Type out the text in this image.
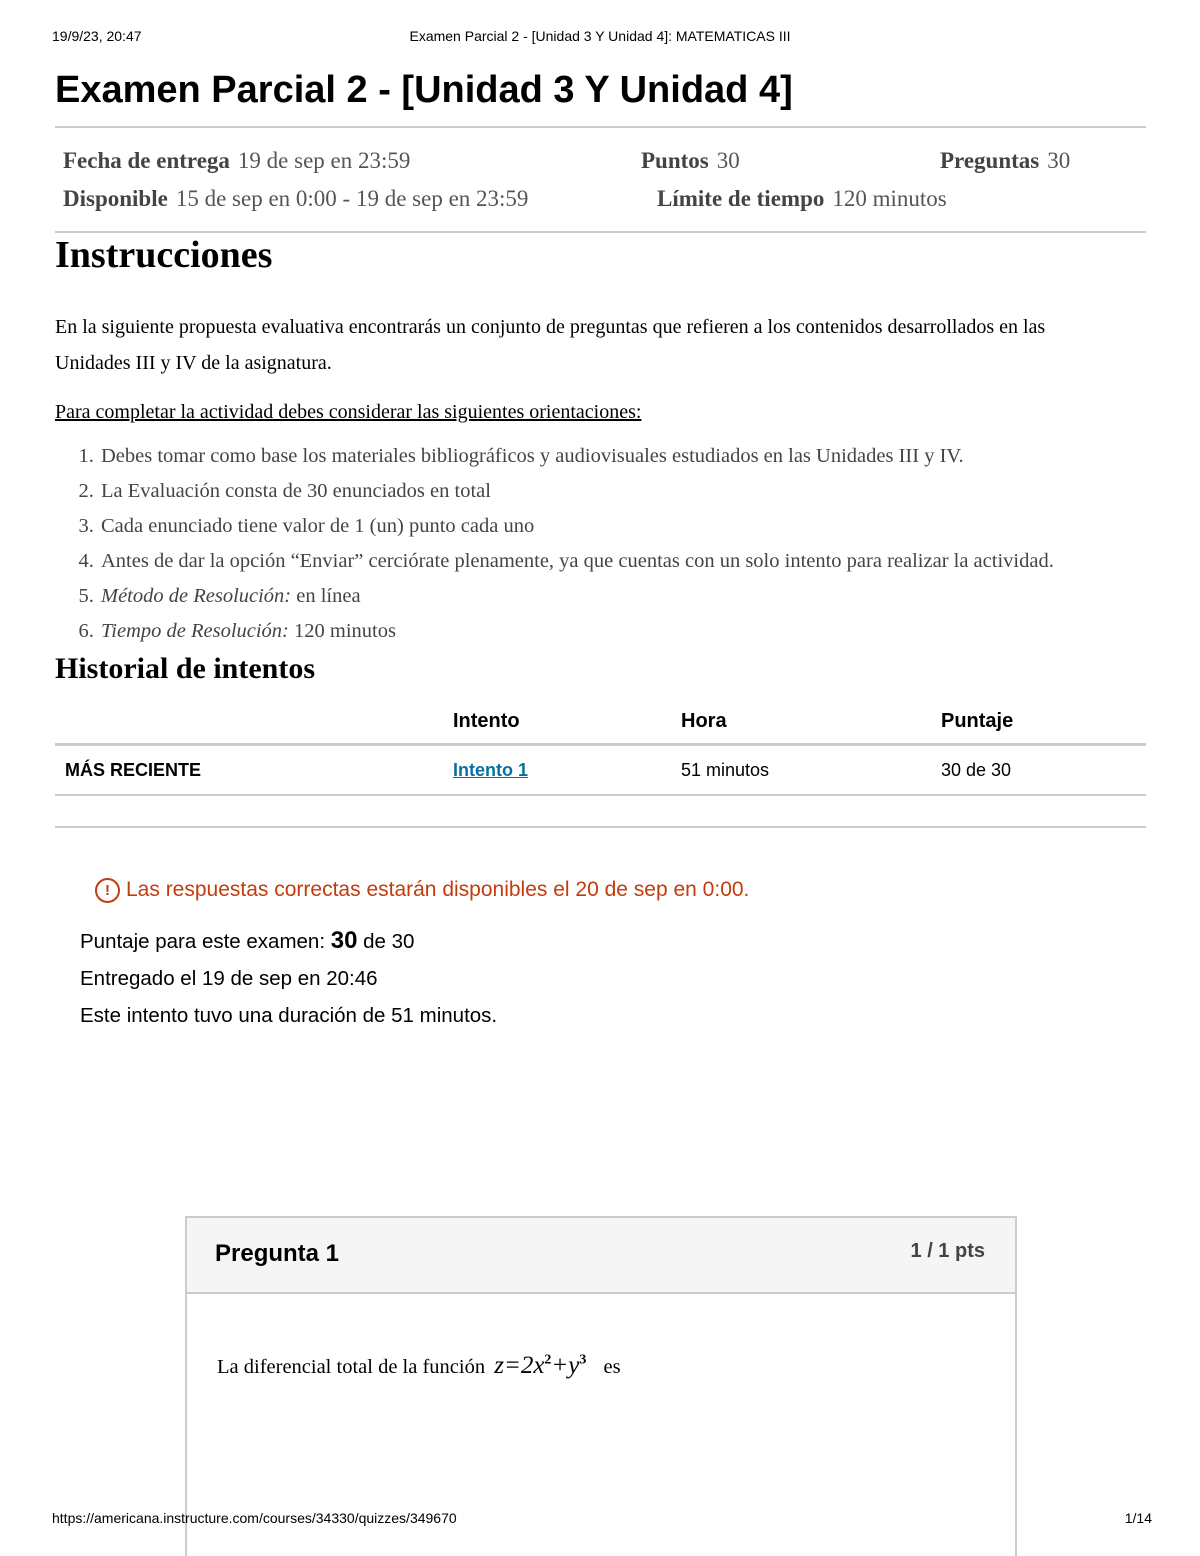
19/9/23, 20:47	Examen Parcial 2 - [Unidad 3 Y Unidad 4]: MATEMATICAS III
Examen Parcial 2 - [Unidad 3 Y Unidad 4]
Fecha de entrega 19 de sep en 23:59	Puntos 30	Preguntas 30
Disponible 15 de sep en 0:00 - 19 de sep en 23:59	Límite de tiempo 120 minutos
Instrucciones

En la siguiente propuesta evaluativa encontrarás un conjunto de preguntas que refieren a los contenidos desarrollados en las Unidades III y IV de la asignatura.

Para completar la actividad debes considerar las siguientes orientaciones:
1. Debes tomar como base los materiales bibliográficos y audiovisuales estudiados en las Unidades III y IV.
2. La Evaluación consta de 30 enunciados en total
3. Cada enunciado tiene valor de 1 (un) punto cada uno
4. Antes de dar la opción “Enviar” cerciórate plenamente, ya que cuentas con un solo intento para realizar la actividad.
5. Método de Resolución: en línea
6. Tiempo de Resolución: 120 minutos
Historial de intentos
	Intento	Hora	Puntaje
MÁS RECIENTE	Intento 1	51 minutos	30 de 30
! Las respuestas correctas estarán disponibles el 20 de sep en 0:00.
Puntaje para este examen: 30 de 30
Entregado el 19 de sep en 20:46
Este intento tuvo una duración de 51 minutos.
Pregunta 1	1 / 1 pts
La diferencial total de la función $z=2x^2+y^3$ es
https://americana.instructure.com/courses/34330/quizzes/349670	1/14
